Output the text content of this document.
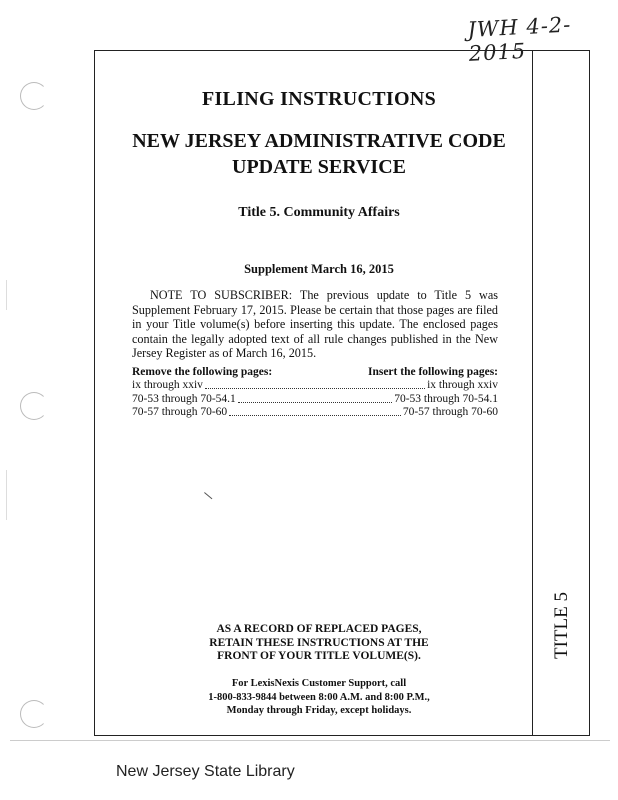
JWH 4-2-2015
TITLE 5
FILING INSTRUCTIONS
NEW JERSEY ADMINISTRATIVE CODE
UPDATE SERVICE
Title 5. Community Affairs
Supplement March 16, 2015
NOTE TO SUBSCRIBER: The previous update to Title 5 was Supplement February 17, 2015. Please be certain that those pages are filed in your Title volume(s) before inserting this update. The enclosed pages contain the legally adopted text of all rule changes published in the New Jersey Register as of March 16, 2015.
Remove the following pages:	Insert the following pages:
ix through xxiv	ix through xxiv
70-53 through 70-54.1	70-53 through 70-54.1
70-57 through 70-60	70-57 through 70-60
AS A RECORD OF REPLACED PAGES,
RETAIN THESE INSTRUCTIONS AT THE
FRONT OF YOUR TITLE VOLUME(S).
For LexisNexis Customer Support, call
1-800-833-9844 between 8:00 A.M. and 8:00 P.M.,
Monday through Friday, except holidays.
New Jersey State Library
